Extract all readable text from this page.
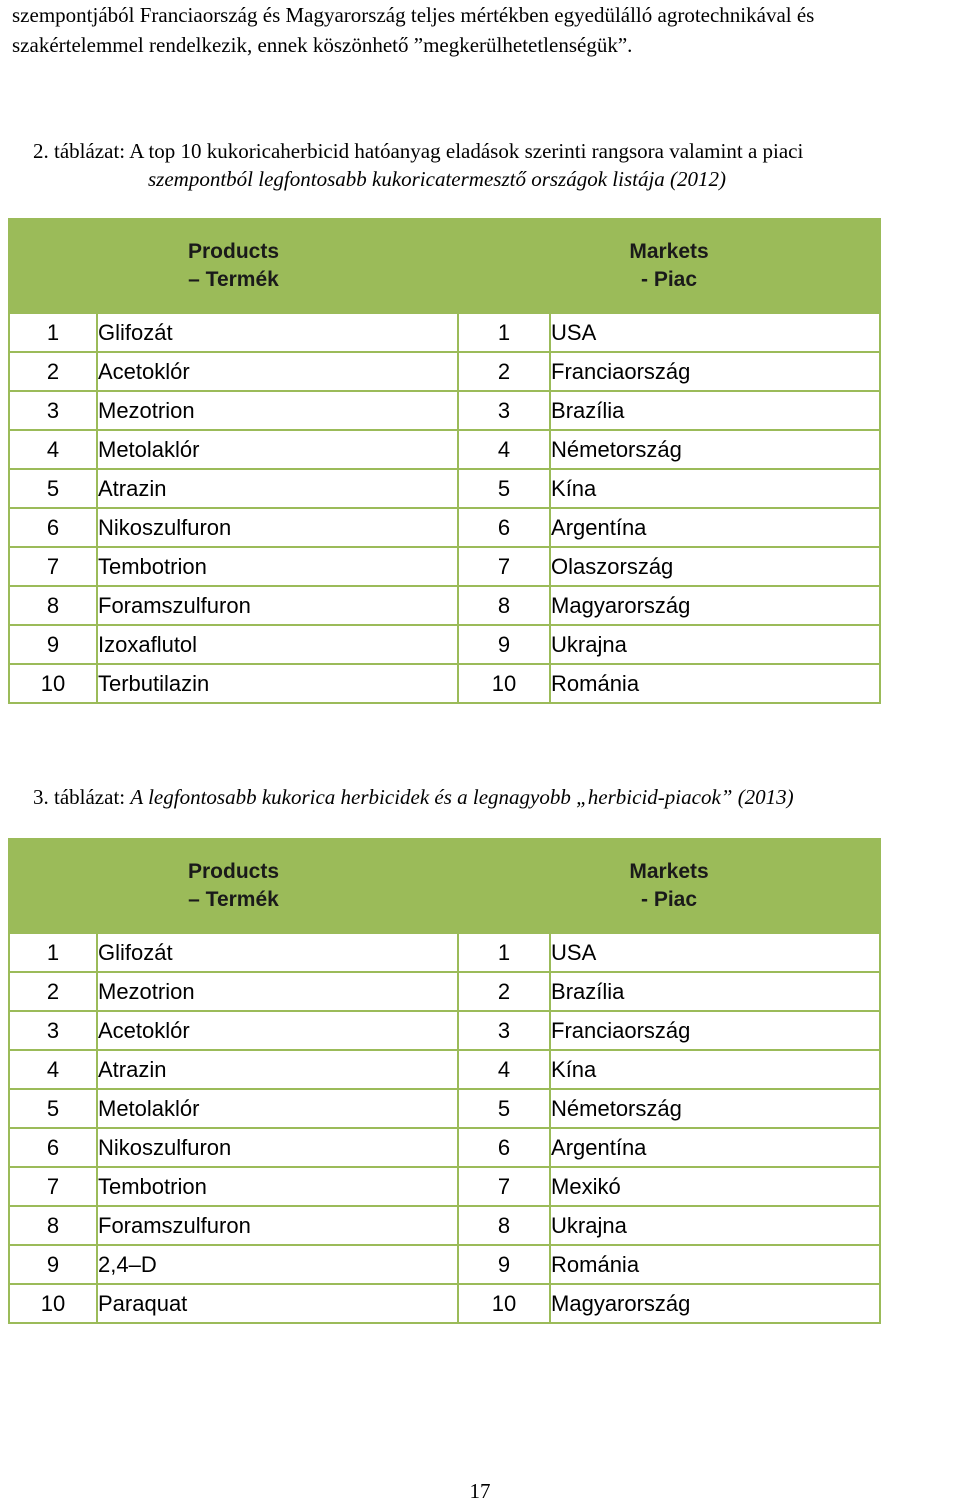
szempontjából Franciaország és Magyarország teljes mértékben egyedülálló agrotechnikával és
szakértelemmel rendelkezik, ennek köszönhető ”megkerülhetetlenségük”.
2. táblázat: A top 10 kukoricaherbicid hatóanyag eladások szerinti rangsora valamint a piaci
szempontból legfontosabb kukoricatermesztő országok listája (2012)
Products
– Termék		Markets
- Piac	

1	Glifozát	1	USA
2	Acetoklór	2	Franciaország
3	Mezotrion	3	Brazília
4	Metolaklór	4	Németország
5	Atrazin	5	Kína
6	Nikoszulfuron	6	Argentína
7	Tembotrion	7	Olaszország
8	Foramszulfuron	8	Magyarország
9	Izoxaflutol	9	Ukrajna
10	Terbutilazin	10	Románia
3. táblázat: A legfontosabb kukorica herbicidek és a legnagyobb „herbicid-piacok” (2013)
Products
– Termék		Markets
- Piac	

1	Glifozát	1	USA
2	Mezotrion	2	Brazília
3	Acetoklór	3	Franciaország
4	Atrazin	4	Kína
5	Metolaklór	5	Németország
6	Nikoszulfuron	6	Argentína
7	Tembotrion	7	Mexikó
8	Foramszulfuron	8	Ukrajna
9	2,4–D	9	Románia
10	Paraquat	10	Magyarország
17
